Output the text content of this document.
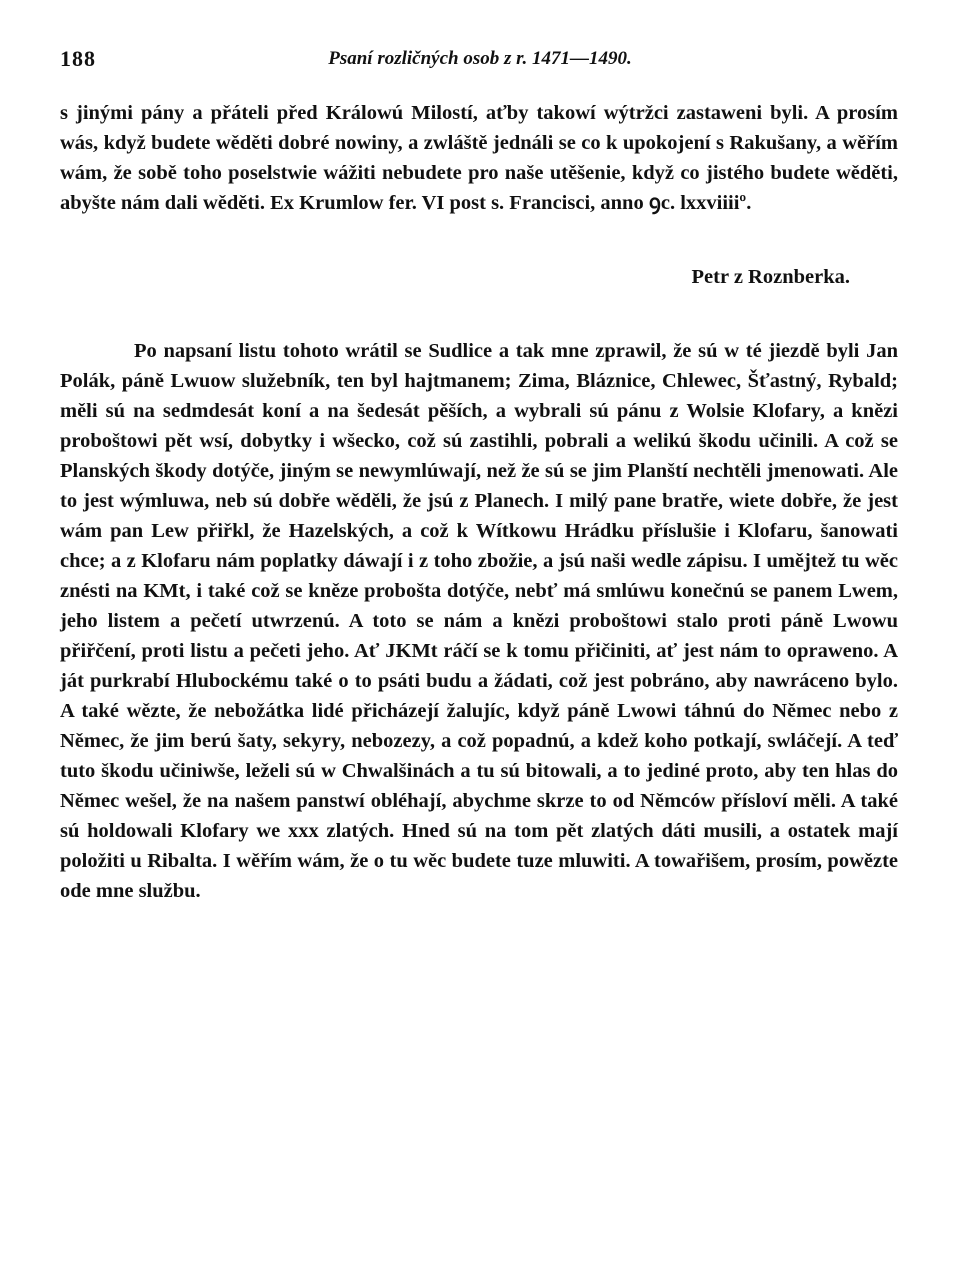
188	Psaní rozličných osob z r. 1471—1490.

s jinými pány a přáteli před Králowú Milostí, aťby takowí wýtržci zastaweni byli. A prosím wás, když budete wěděti dobré nowiny, a zwláště jednáli se co k upokojení s Rakušany, a wěřím wám, že sobě toho poselstwie wážiti nebudete pro naše utěšenie, když co jistého budete wěděti, abyšte nám dali wěděti. Ex Krumlow fer. VI post s. Francisci, anno ꝯc. lxxviiiiº.

Petr z Roznberka.

Po napsaní listu tohoto wrátil se Sudlice a tak mne zprawil, že sú w té jiezdě byli Jan Polák, páně Lwuow služebník, ten byl hajtmanem; Zima, Bláznice, Chlewec, Šťastný, Rybald; měli sú na sedmdesát koní a na šedesát pěších, a wybrali sú pánu z Wolsie Klofary, a knězi proboštowi pět wsí, dobytky i wšecko, což sú zastihli, pobrali a welikú škodu učinili. A což se Planských škody dotýče, jiným se newymlúwají, než že sú se jim Planští nechtěli jmenowati. Ale to jest wýmluwa, neb sú dobře wěděli, že jsú z Planech. I milý pane bratře, wiete dobře, že jest wám pan Lew přiřkl, že Hazelských, a což k Wítkowu Hrádku příslušie i Klofaru, šanowati chce; a z Klofaru nám poplatky dáwají i z toho zbožie, a jsú naši wedle zápisu. I umějtež tu wěc znésti na KMt, i také což se kněze probošta dotýče, nebť má smlúwu konečnú se panem Lwem, jeho listem a pečetí utwrzenú. A toto se nám a knězi proboštowi stalo proti páně Lwowu přiřčení, proti listu a pečeti jeho. Ať JKMt ráčí se k tomu přičiniti, ať jest nám to opraweno. A ját purkrabí Hlubockému také o to psáti budu a žádati, což jest pobráno, aby nawráceno bylo. A také wězte, že nebožátka lidé přicházejí žalujíc, když páně Lwowi táhnú do Němec nebo z Němec, že jim berú šaty, sekyry, nebozezy, a což popadnú, a kdež koho potkají, swláčejí. A teď tuto škodu učiniwše, leželi sú w Chwalšinách a tu sú bitowali, a to jediné proto, aby ten hlas do Němec wešel, že na našem panstwí obléhají, abychme skrze to od Němców přísloví měli. A také sú holdowali Klofary we xxx zlatých. Hned sú na tom pět zlatých dáti musili, a ostatek mají položiti u Ribalta. I wěřím wám, že o tu wěc budete tuze mluwiti. A towařišem, prosím, powězte ode mne službu.
